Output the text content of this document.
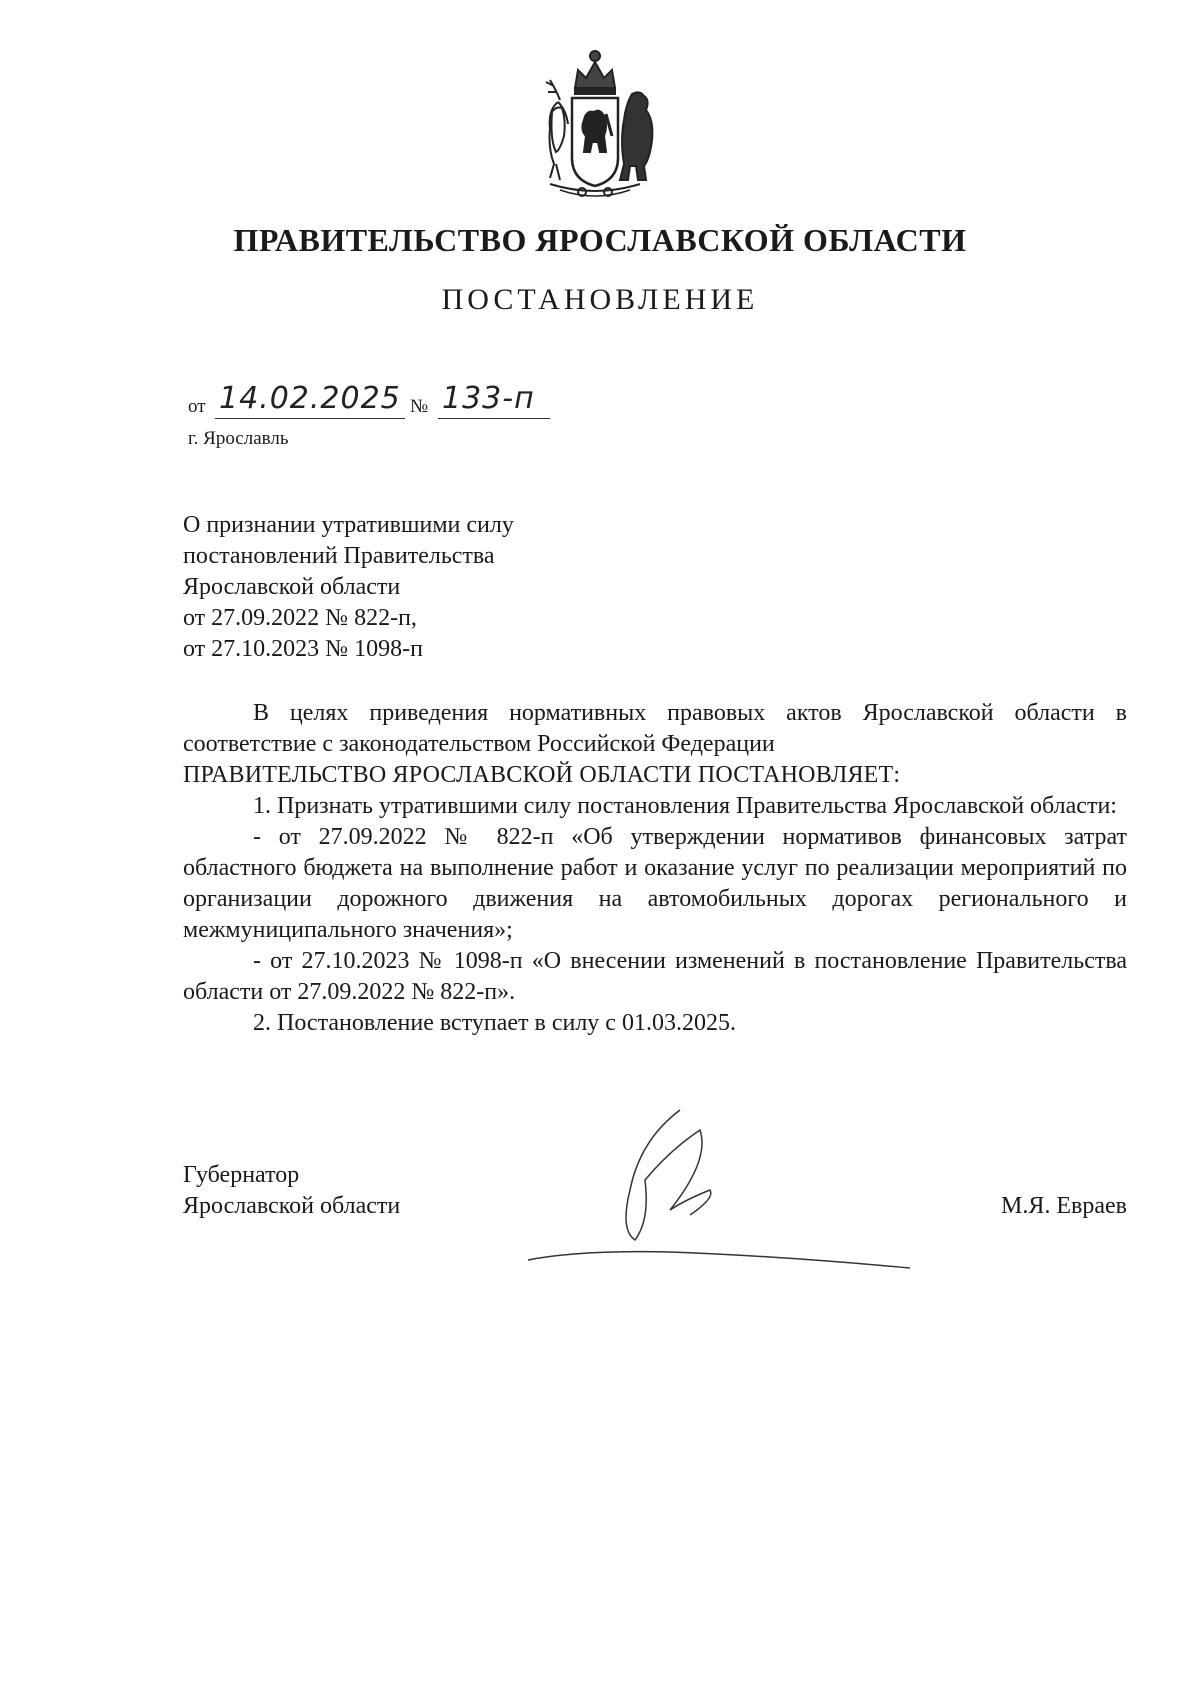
ПРАВИТЕЛЬСТВО ЯРОСЛАВСКОЙ ОБЛАСТИ
ПОСТАНОВЛЕНИЕ
от 14.02.2025 № 133-п
г. Ярославль
О признании утратившими силу
постановлений Правительства
Ярославской области
от 27.09.2022 № 822-п,
от 27.10.2023 № 1098-п

В целях приведения нормативных правовых актов Ярославской области в соответствие с законодательством Российской Федерации

ПРАВИТЕЛЬСТВО ЯРОСЛАВСКОЙ ОБЛАСТИ ПОСТАНОВЛЯЕТ:

1. Признать утратившими силу постановления Правительства Ярославской области:

- от 27.09.2022 № 822-п «Об утверждении нормативов финансовых затрат областного бюджета на выполнение работ и оказание услуг по реализации мероприятий по организации дорожного движения на автомобильных дорогах регионального и межмуниципального значения»;

- от 27.10.2023 № 1098-п «О внесении изменений в постановление Правительства области от 27.09.2022 № 822-п».

2. Постановление вступает в силу с 01.03.2025.

Губернатор
Ярославской области	М.Я. Евраев
